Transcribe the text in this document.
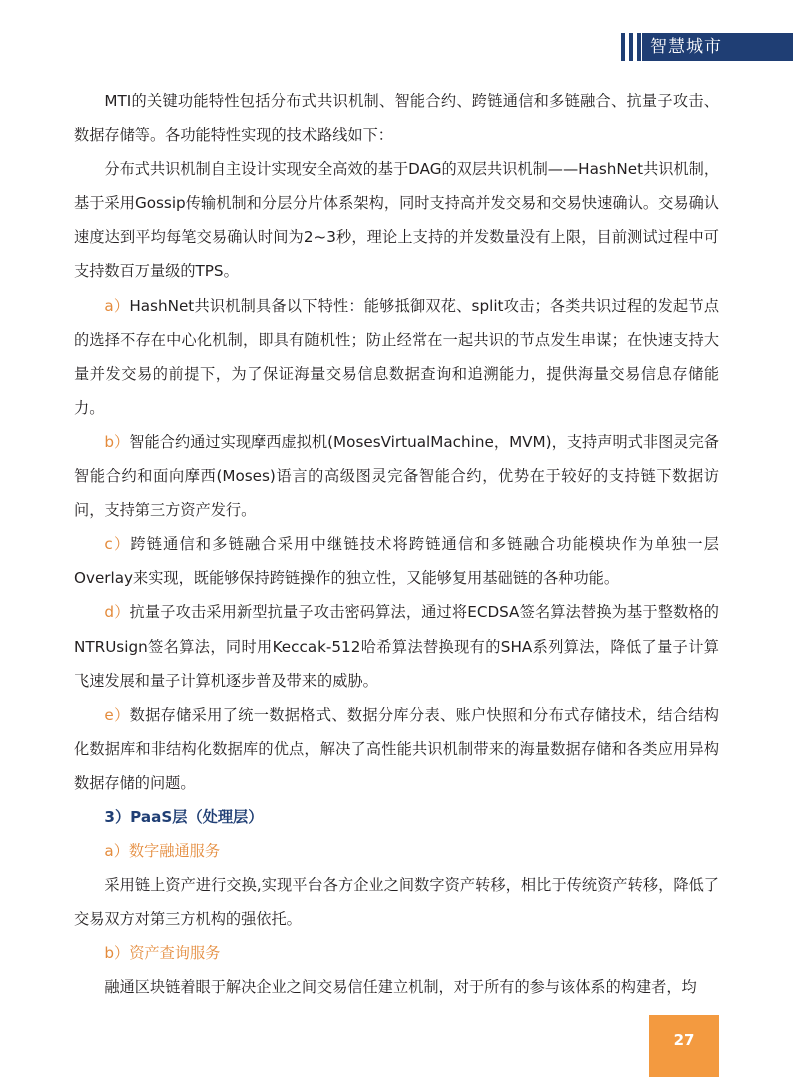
智慧城市

MTI的关键功能特性包括分布式共识机制、智能合约、跨链通信和多链融合、抗量子攻击、数据存储等。各功能特性实现的技术路线如下：

分布式共识机制自主设计实现安全高效的基于DAG的双层共识机制——HashNet共识机制，基于采用Gossip传输机制和分层分片体系架构，同时支持高并发交易和交易快速确认。交易确认速度达到平均每笔交易确认时间为2~3秒，理论上支持的并发数量没有上限，目前测试过程中可支持数百万量级的TPS。

a）HashNet共识机制具备以下特性：能够抵御双花、split攻击；各类共识过程的发起节点的选择不存在中心化机制，即具有随机性；防止经常在一起共识的节点发生串谋；在快速支持大量并发交易的前提下，为了保证海量交易信息数据查询和追溯能力，提供海量交易信息存储能力。

b）智能合约通过实现摩西虚拟机(MosesVirtualMachine，MVM)，支持声明式非图灵完备智能合约和面向摩西(Moses)语言的高级图灵完备智能合约，优势在于较好的支持链下数据访问，支持第三方资产发行。

c）跨链通信和多链融合采用中继链技术将跨链通信和多链融合功能模块作为单独一层Overlay来实现，既能够保持跨链操作的独立性，又能够复用基础链的各种功能。

d）抗量子攻击采用新型抗量子攻击密码算法，通过将ECDSA签名算法替换为基于整数格的NTRUsign签名算法，同时用Keccak-512哈希算法替换现有的SHA系列算法，降低了量子计算飞速发展和量子计算机逐步普及带来的威胁。

e）数据存储采用了统一数据格式、数据分库分表、账户快照和分布式存储技术，结合结构化数据库和非结构化数据库的优点，解决了高性能共识机制带来的海量数据存储和各类应用异构数据存储的问题。

3）PaaS层（处理层）

a）数字融通服务

采用链上资产进行交换,实现平台各方企业之间数字资产转移，相比于传统资产转移，降低了交易双方对第三方机构的强依托。

b）资产查询服务

融通区块链着眼于解决企业之间交易信任建立机制，对于所有的参与该体系的构建者，均

27
